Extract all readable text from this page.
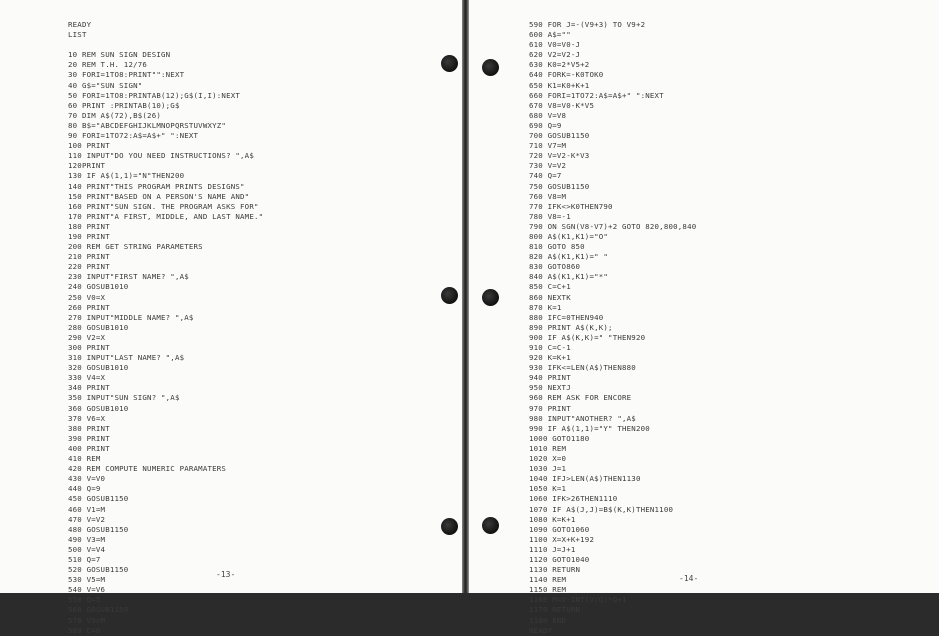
READY
LIST
10 REM SUN SIGN DESIGN
20 REM T.H. 12/76
30 FORI=1TO8:PRINT"":NEXT
40 G$="SUN SIGN"
50 FORI=1TO8:PRINTAB(12);G$(I,I):NEXT
60 PRINT :PRINTAB(10);G$
70 DIM A$(72),B$(26)
80 B$="ABCDEFGHIJKLMNOPQRSTUVWXYZ"
90 FORI=1TO72:A$=A$+" ":NEXT
100 PRINT
110 INPUT"DO YOU NEED INSTRUCTIONS? ",A$
120PRINT
130 IF A$(1,1)="N"THEN200
140 PRINT"THIS PROGRAM PRINTS DESIGNS"
150 PRINT"BASED ON A PERSON'S NAME AND"
160 PRINT"SUN SIGN. THE PROGRAM ASKS FOR"
170 PRINT"A FIRST, MIDDLE, AND LAST NAME."
180 PRINT
190 PRINT
200 REM GET STRING PARAMETERS
210 PRINT
220 PRINT
230 INPUT"FIRST NAME? ",A$
240 GOSUB1010
250 V0=X
260 PRINT
270 INPUT"MIDDLE NAME? ",A$
280 GOSUB1010
290 V2=X
300 PRINT
310 INPUT"LAST NAME? ",A$
320 GOSUB1010
330 V4=X
340 PRINT
350 INPUT"SUN SIGN? ",A$
360 GOSUB1010
370 V6=X
380 PRINT
390 PRINT
400 PRINT
410 REM
420 REM COMPUTE NUMERIC PARAMATERS
430 V=V0
440 Q=9
450 GOSUB1150
460 V1=M
470 V=V2
480 GOSUB1150
490 V3=M
500 V=V4
510 Q=7
520 GOSUB1150
530 V5=M
540 V=V6
550 Q=5
560 GOSUB1150
570 V9=M
580 C=0
-13-
590 FOR J=-(V9+3) TO V9+2
600 A$=""
610 V0=V0-J
620 V2=V2-J
630 K0=2*V5+2
640 FORK=-K0TOK0
650 K1=K0+K+1
660 FORI=1TO72:A$=A$+" ":NEXT
670 V8=V0-K*V5
680 V=V8
690 Q=9
700 GOSUB1150
710 V7=M
720 V=V2-K*V3
730 V=V2
740 Q=7
750 GOSUB1150
760 V8=M
770 IFK<>K0THEN790
780 V8=-1
790 ON SGN(V8-V7)+2 GOTO 820,800,840
800 A$(K1,K1)="O"
810 GOTO 850
820 A$(K1,K1)=" "
830 GOTO860
840 A$(K1,K1)="*"
850 C=C+1
860 NEXTK
870 K=1
880 IFC=0THEN940
890 PRINT A$(K,K);
900 IF A$(K,K)=" "THEN920
910 C=C-1
920 K=K+1
930 IFK<=LEN(A$)THEN880
940 PRINT
950 NEXTJ
960 REM ASK FOR ENCORE
970 PRINT
980 INPUT"ANOTHER? ",A$
990 IF A$(1,1)="Y" THEN200
1000 GOTO1180
1010 REM
1020 X=0
1030 J=1
1040 IFJ>LEN(A$)THEN1130
1050 K=1
1060 IFK>26THEN1110
1070 IF A$(J,J)=B$(K,K)THEN1100
1080 K=K+1
1090 GOTO1060
1100 X=X+K+192
1110 J=J+1
1120 GOTO1040
1130 RETURN
1140 REM
1150 REM
1160 M=V-INT(V/Q)*Q+1
1170 RETURN
1180 END
READY
-14-
